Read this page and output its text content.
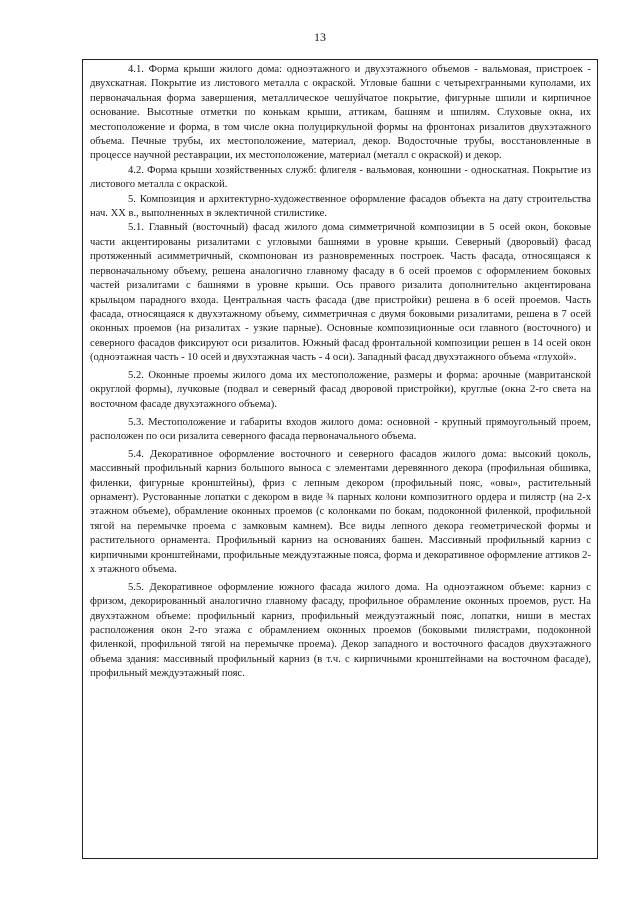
13

4.1. Форма крыши жилого дома: одноэтажного и двухэтажного объемов - вальмовая, пристроек - двухскатная. Покрытие из листового металла с окраской. Угловые башни с четырехгранными куполами, их первоначальная форма завершения, металлическое чешуйчатое покрытие, фигурные шпили и кирпичное основание. Высотные отметки по конькам крыши, аттикам, башням и шпилям. Слуховые окна, их местоположение и форма, в том числе окна полуциркульной формы на фронтонах ризалитов двухэтажного объема. Печные трубы, их местоположение, материал, декор. Водосточные трубы, восстановленные в процессе научной реставрации, их местоположение, материал (металл с окраской) и декор.

4.2. Форма крыши хозяйственных служб: флигеля - вальмовая, конюшни - односкатная. Покрытие из листового металла с окраской.

5. Композиция и архитектурно-художественное оформление фасадов объекта на дату строительства нач. XX в., выполненных в эклектичной стилистике.

5.1. Главный (восточный) фасад жилого дома симметричной композиции в 5 осей окон, боковые части акцентированы ризалитами с угловыми башнями в уровне крыши. Северный (дворовый) фасад протяженный асимметричный, скомпонован из разновременных построек. Часть фасада, относящаяся к первоначальному объему, решена аналогично главному фасаду в 6 осей проемов с оформлением боковых частей ризалитами с башнями в уровне крыши. Ось правого ризалита дополнительно акцентирована крыльцом парадного входа. Центральная часть фасада (две пристройки) решена в 6 осей проемов. Часть фасада, относящаяся к двухэтажному объему, симметричная с двумя боковыми ризалитами, решена в 7 осей оконных проемов (на ризалитах - узкие парные). Основные композиционные оси главного (восточного) и северного фасадов фиксируют оси ризалитов. Южный фасад фронтальной композиции решен в 14 осей окон (одноэтажная часть - 10 осей и двухэтажная часть - 4 оси). Западный фасад двухэтажного объема «глухой».

5.2. Оконные проемы жилого дома их местоположение, размеры и форма: арочные (мавританской округлой формы), лучковые (подвал и северный фасад дворовой пристройки), круглые (окна 2-го света на восточном фасаде двухэтажного объема).

5.3. Местоположение и габариты входов жилого дома: основной - крупный прямоугольный проем, расположен по оси ризалита северного фасада первоначального объема.

5.4. Декоративное оформление восточного и северного фасадов жилого дома: высокий цоколь, массивный профильный карниз большого выноса с элементами деревянного декора (профильная обшивка, филенки, фигурные кронштейны), фриз с лепным декором (профильный пояс, «овы», растительный орнамент). Рустованные лопатки с декором в виде ¾ парных колони композитного ордера и пилястр (на 2-х этажном объеме), обрамление оконных проемов (с колонками по бокам, подоконной филенкой, профильной тягой на перемычке проема с замковым камнем). Все виды лепного декора геометрической формы и растительного орнамента. Профильный карниз на основаниях башен. Массивный профильный карниз с кирпичными кронштейнами, профильные междуэтажные пояса, форма и декоративное оформление аттиков 2-х этажного объема.

5.5. Декоративное оформление южного фасада жилого дома. На одноэтажном объеме: карниз с фризом, декорированный аналогично главному фасаду, профильное обрамление оконных проемов, руст. На двухэтажном объеме: профильный карниз, профильный междуэтажный пояс, лопатки, ниши в местах расположения окон 2-го этажа с обрамлением оконных проемов (боковыми пилястрами, подоконной филенкой, профильной тягой на перемычке проема). Декор западного и восточного фасадов двухэтажного объема здания: массивный профильный карниз (в т.ч. с кирпичными кронштейнами на восточном фасаде), профильный междуэтажный пояс.
